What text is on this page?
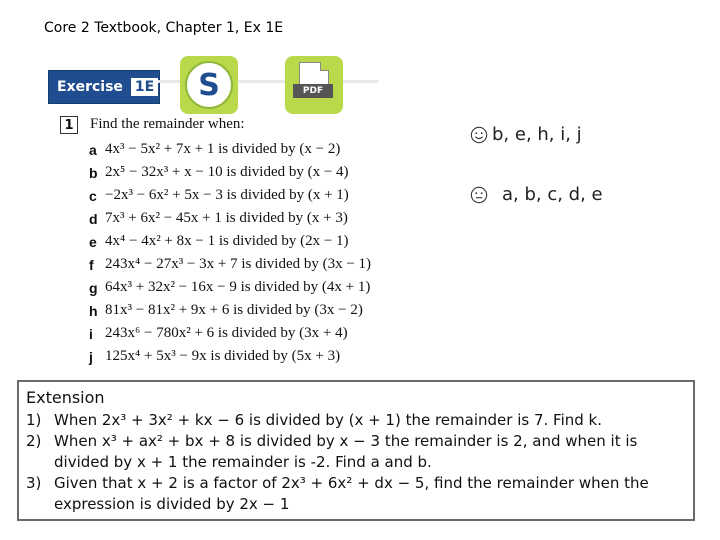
Core 2 Textbook, Chapter 1, Ex 1E
Exercise 1E	S	PDF
1 Find the remainder when:
a 4x³ − 5x² + 7x + 1 is divided by (x − 2)
b 2x⁵ − 32x³ + x − 10 is divided by (x − 4)
c −2x³ − 6x² + 5x − 3 is divided by (x + 1)
d 7x³ + 6x² − 45x + 1 is divided by (x + 3)
e 4x⁴ − 4x² + 8x − 1 is divided by (2x − 1)
f 243x⁴ − 27x³ − 3x + 7 is divided by (3x − 1)
g 64x³ + 32x² − 16x − 9 is divided by (4x + 1)
h 81x³ − 81x² + 9x + 6 is divided by (3x − 2)
i 243x⁶ − 780x² + 6 is divided by (3x + 4)
j 125x⁴ + 5x³ − 9x is divided by (5x + 3)
b, e, h, i, j
a, b, c, d, e
Extension
1) When 2x³ + 3x² + kx − 6 is divided by (x + 1) the remainder is 7. Find k.
2) When x³ + ax² + bx + 8 is divided by x − 3 the remainder is 2, and when it is divided by x + 1 the remainder is -2. Find a and b.
3) Given that x + 2 is a factor of 2x³ + 6x² + dx − 5, find the remainder when the expression is divided by 2x − 1
